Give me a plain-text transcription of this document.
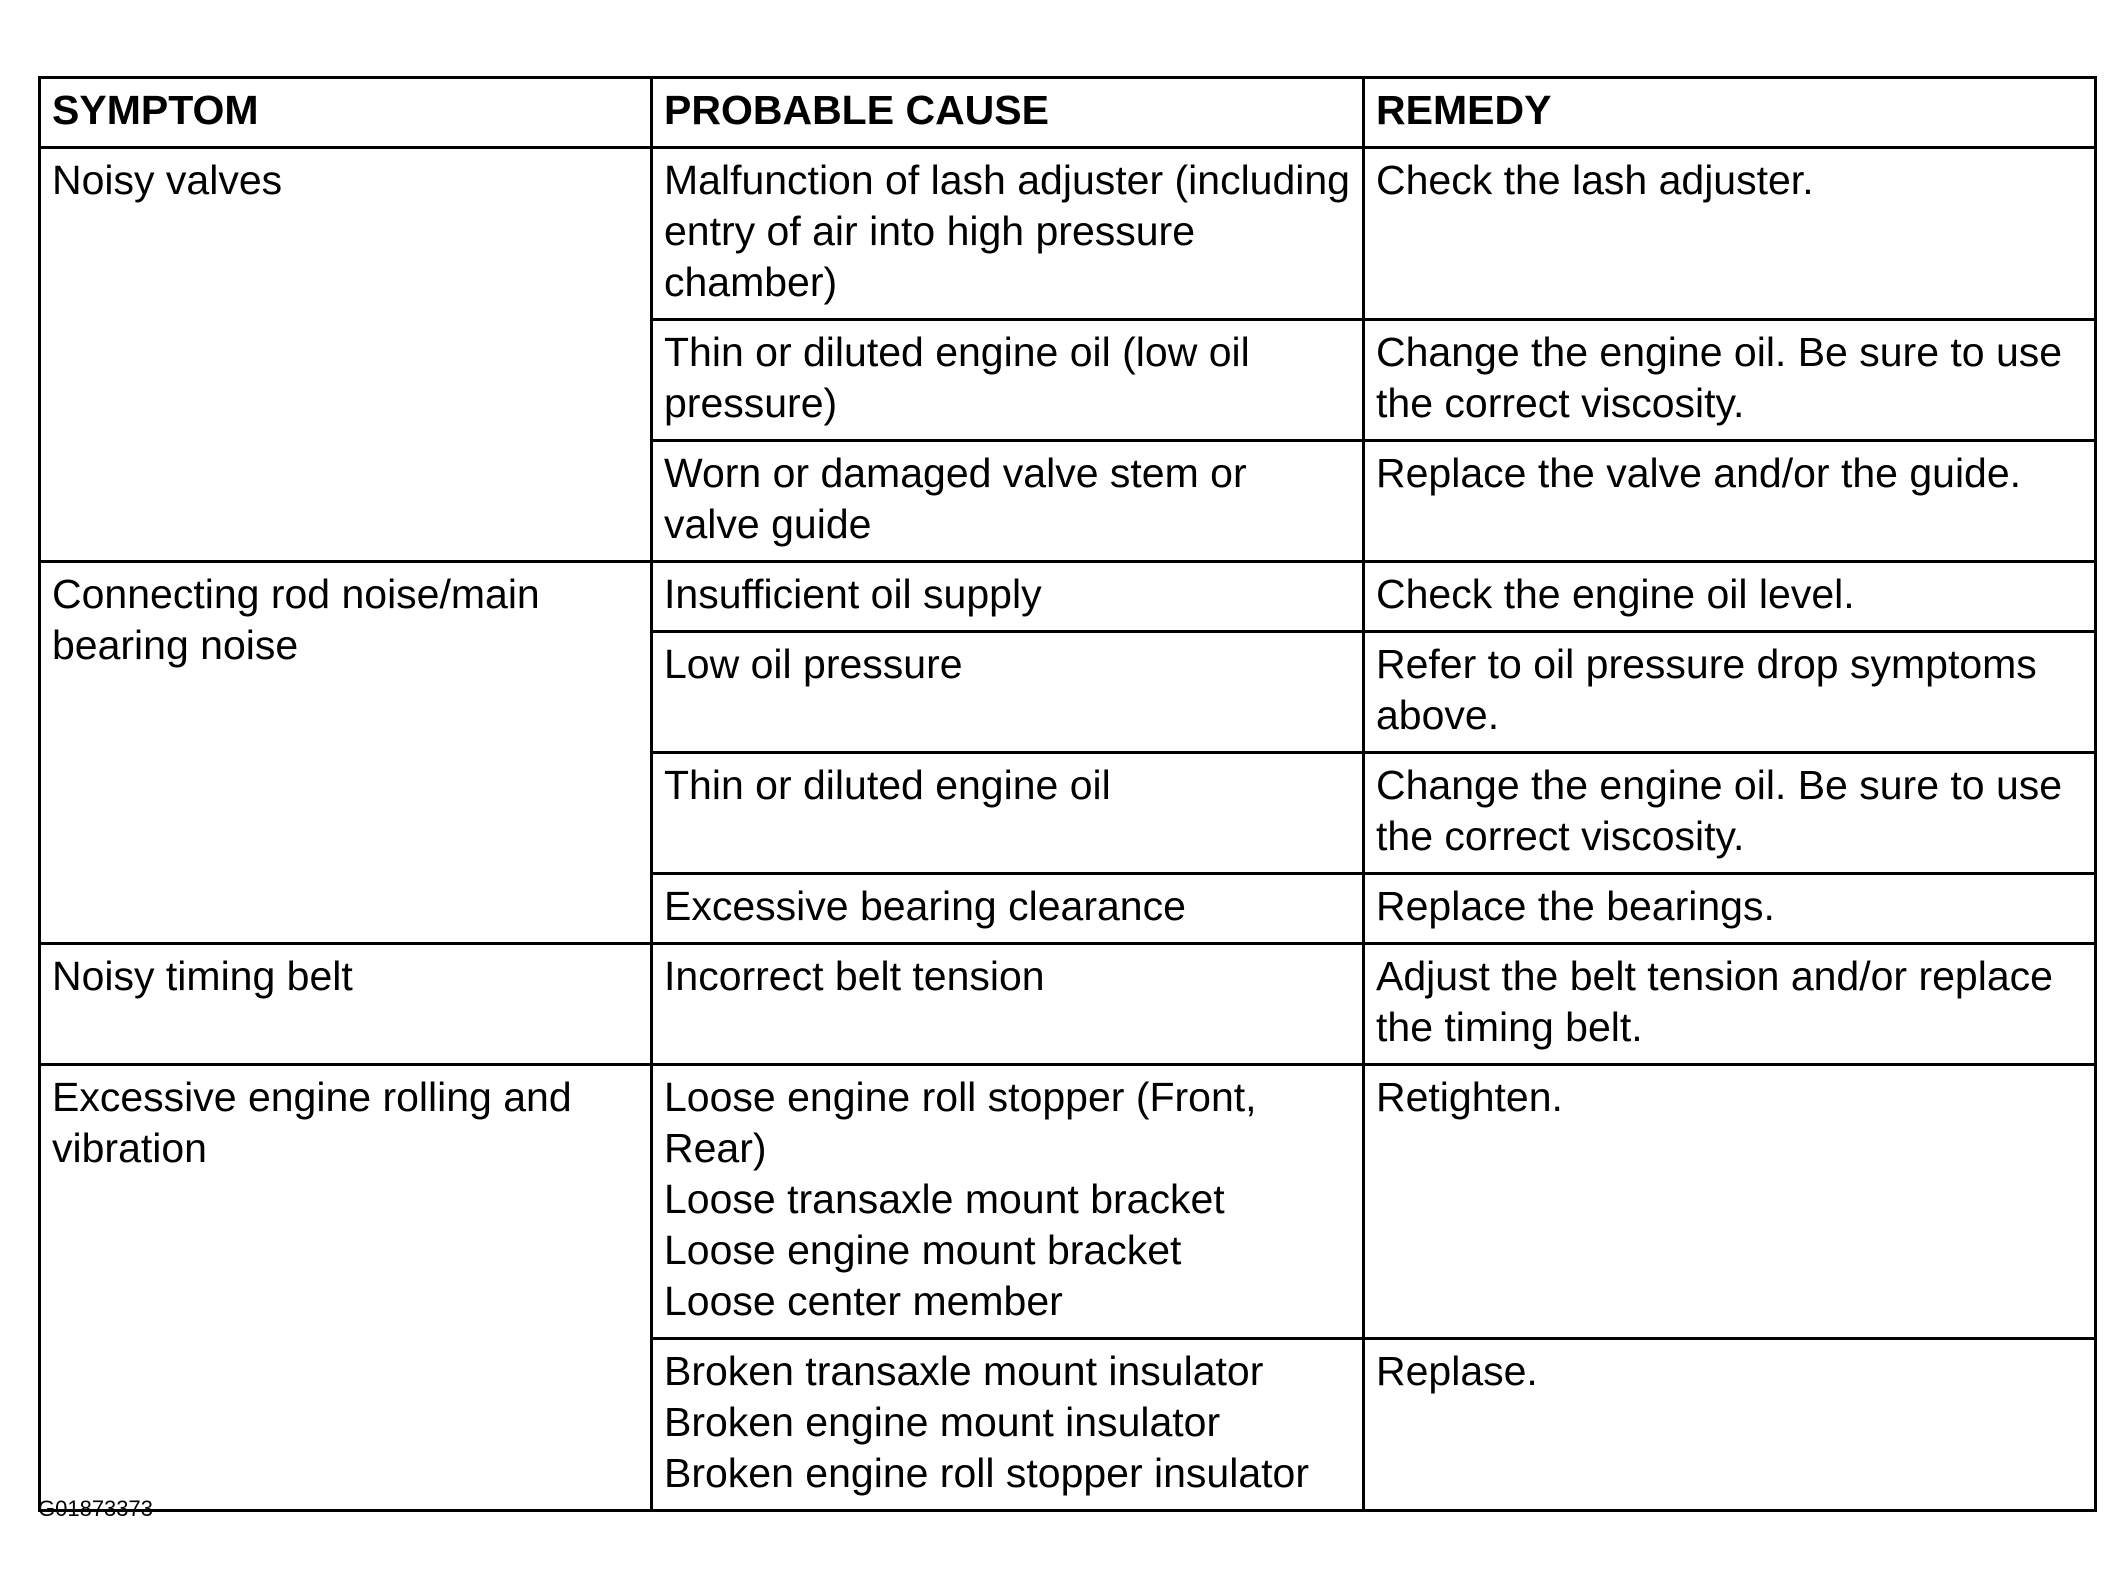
SYMPTOM	PROBABLE CAUSE	REMEDY
Noisy valves	Malfunction of lash adjuster (including entry of air into high pressure chamber)	Check the lash adjuster.

	Thin or diluted engine oil (low oil pressure)	Change the engine oil. Be sure to use the correct viscosity.

	Worn or damaged valve stem or valve guide	Replace the valve and/or the guide.
Connecting rod noise/main bearing noise	Insufficient oil supply	Check the engine oil level.

	Low oil pressure	Refer to oil pressure drop symptoms above.

	Thin or diluted engine oil	Change the engine oil. Be sure to use the correct viscosity.

	Excessive bearing clearance	Replace the bearings.
Noisy timing belt	Incorrect belt tension	Adjust the belt tension and/or replace the timing belt.
Excessive engine rolling and vibration	Loose engine roll stopper (Front, Rear)
Loose transaxle mount bracket
Loose engine mount bracket
Loose center member	Retighten.

	Broken transaxle mount insulator
Broken engine mount insulator
Broken engine roll stopper insulator	Replase.
G01873373
